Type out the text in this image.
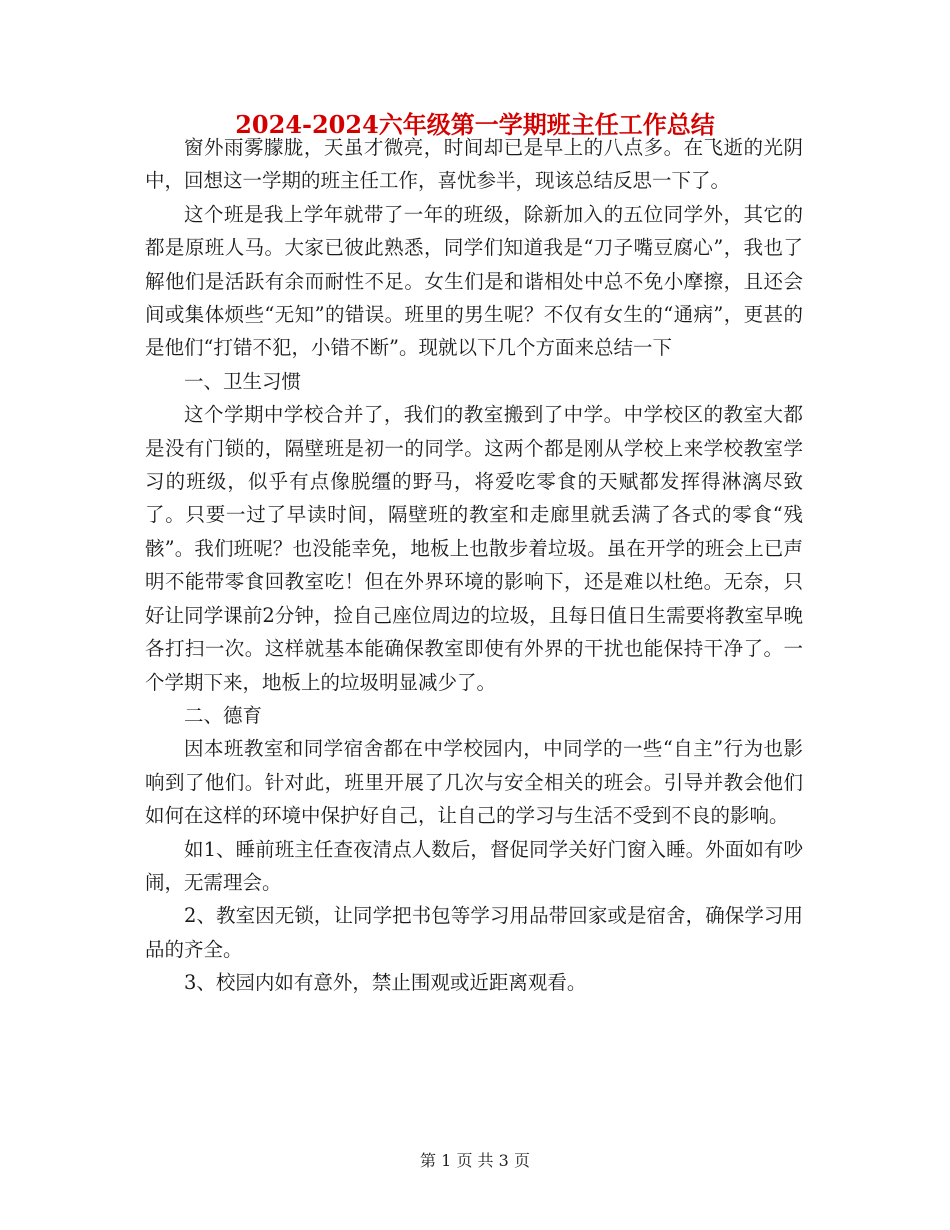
2024-2024六年级第一学期班主任工作总结

窗外雨雾朦胧，天虽才微亮，时间却已是早上的八点多。在飞逝的光阴中，回想这一学期的班主任工作，喜忧参半，现该总结反思一下了。

这个班是我上学年就带了一年的班级，除新加入的五位同学外，其它的都是原班人马。大家已彼此熟悉，同学们知道我是“刀子嘴豆腐心”，我也了解他们是活跃有余而耐性不足。女生们是和谐相处中总不免小摩擦，且还会间或集体烦些“无知”的错误。班里的男生呢？不仅有女生的“通病”，更甚的是他们“打错不犯，小错不断”。现就以下几个方面来总结一下

一、卫生习惯

这个学期中学校合并了，我们的教室搬到了中学。中学校区的教室大都是没有门锁的，隔壁班是初一的同学。这两个都是刚从学校上来学校教室学习的班级，似乎有点像脱缰的野马，将爱吃零食的天赋都发挥得淋漓尽致了。只要一过了早读时间，隔壁班的教室和走廊里就丢满了各式的零食“残骸”。我们班呢？也没能幸免，地板上也散步着垃圾。虽在开学的班会上已声明不能带零食回教室吃！但在外界环境的影响下，还是难以杜绝。无奈，只好让同学课前2分钟，捡自己座位周边的垃圾，且每日值日生需要将教室早晚各打扫一次。这样就基本能确保教室即使有外界的干扰也能保持干净了。一个学期下来，地板上的垃圾明显减少了。

二、德育

因本班教室和同学宿舍都在中学校园内，中同学的一些“自主”行为也影响到了他们。针对此，班里开展了几次与安全相关的班会。引导并教会他们如何在这样的环境中保护好自己，让自己的学习与生活不受到不良的影响。

如1、睡前班主任查夜清点人数后，督促同学关好门窗入睡。外面如有吵闹，无需理会。

2、教室因无锁，让同学把书包等学习用品带回家或是宿舍，确保学习用品的齐全。

3、校园内如有意外，禁止围观或近距离观看。

第 1 页 共 3 页
